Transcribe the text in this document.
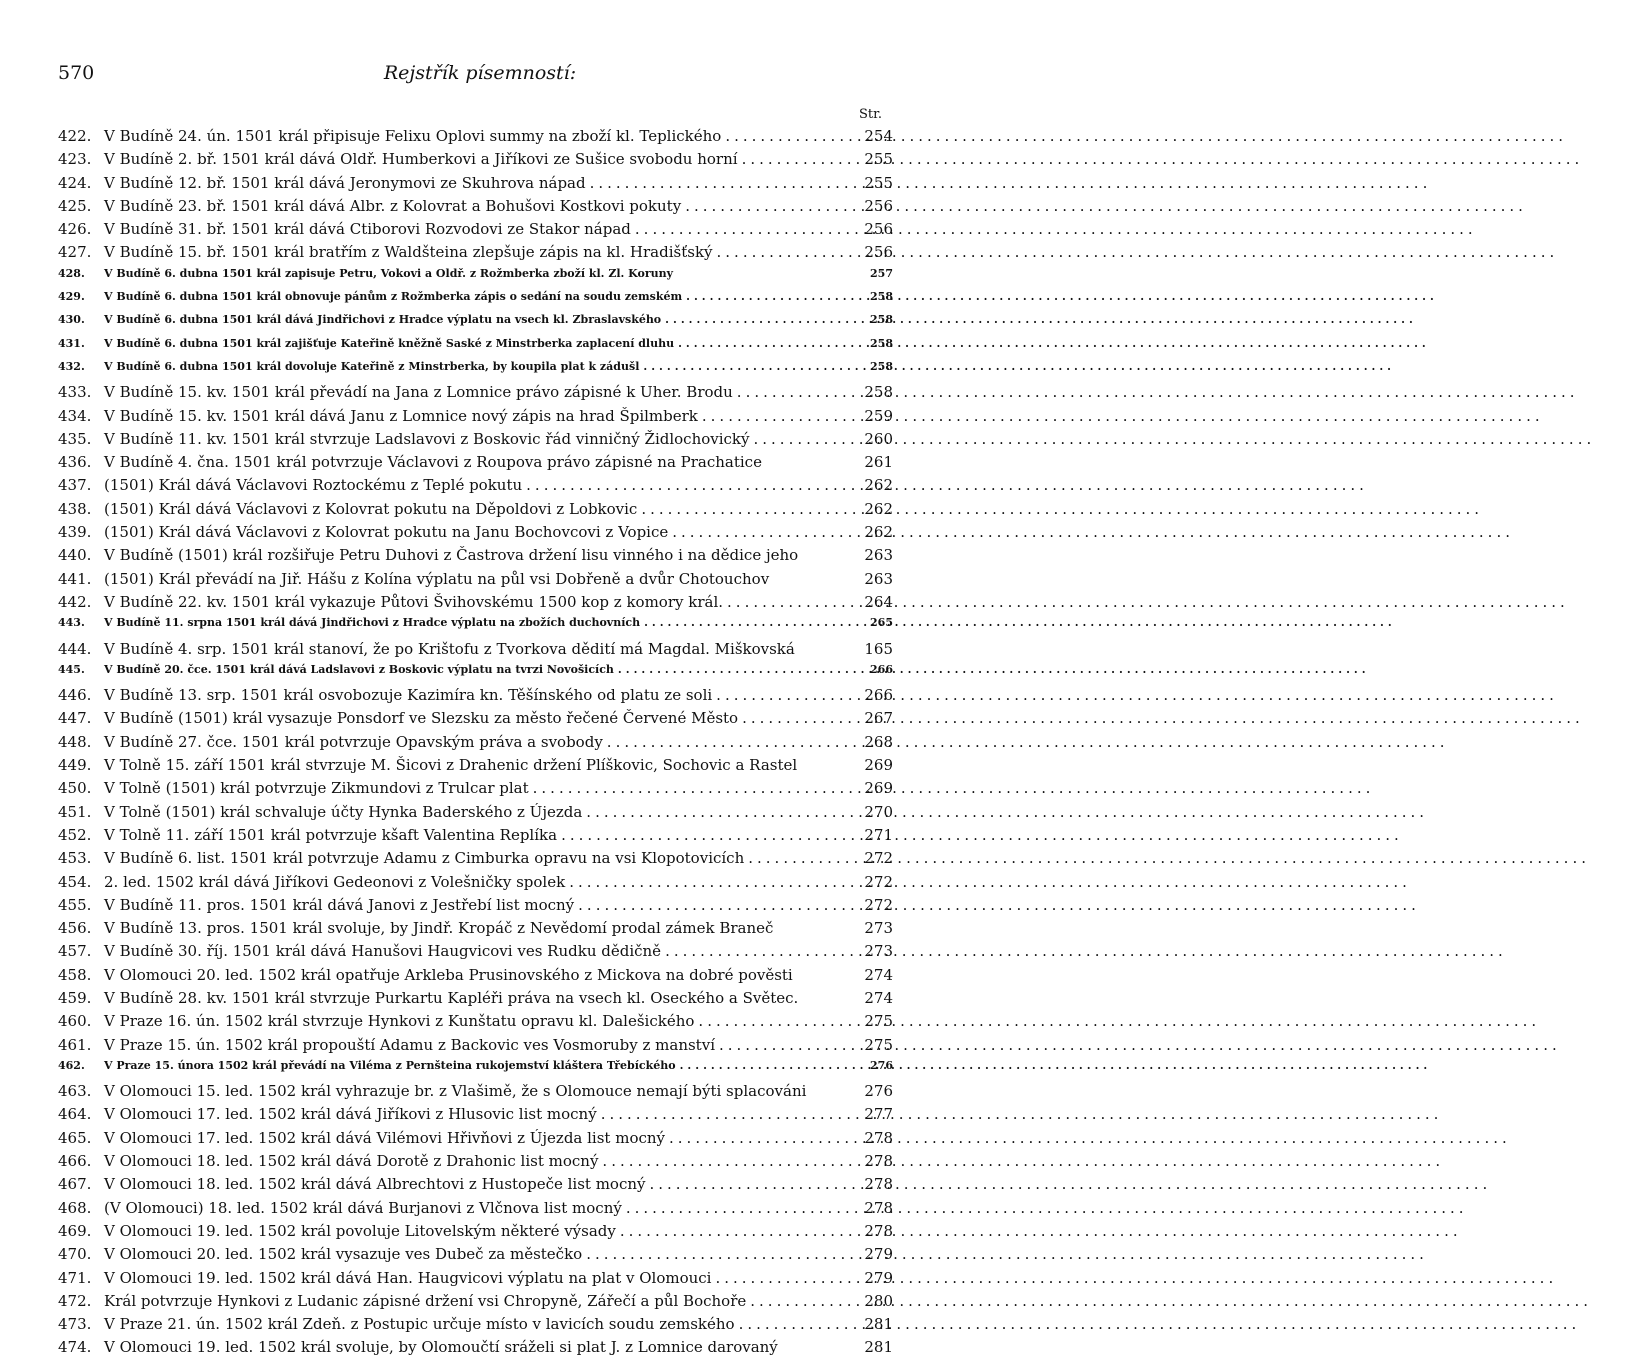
570	Rejstřík písemností:
Str.
422. V Budíně 24. ún. 1501 král připisuje Felixu Oplovi summy na zboží kl. Teplického .....	254
423. V Budíně 2. bř. 1501 král dává Oldř. Humberkovi a Jiříkovi ze Sušice svobodu horní .....	255
424. V Budíně 12. bř. 1501 král dává Jeronymovi ze Skuhrova nápad .....	255
425. V Budíně 23. bř. 1501 král dává Albr. z Kolovrat a Bohušovi Kostkovi pokuty .....	256
426. V Budíně 31. bř. 1501 král dává Ctiborovi Rozvodovi ze Stakor nápad .....	256
427. V Budíně 15. bř. 1501 král bratřím z Waldšteina zlepšuje zápis na kl. Hradišťský .....	256
428.	V Budíně 6. dubna 1501 král zapisuje Petru, Vokovi a Oldř. z Rožmberka zboží kl. Zl. Koruny	257
429.	V Budíně 6. dubna 1501 král obnovuje pánům z Rožmberka zápis o sedání na soudu zemském .....	258
430.	V Budíně 6. dubna 1501 král dává Jindřichovi z Hradce výplatu na vsech kl. Zbraslavského .....	258
431.	V Budíně 6. dubna 1501 král zajišťuje Kateřině kněžně Saské z Minstrberka zaplacení dluhu .....	258
432.	V Budíně 6. dubna 1501 král dovoluje Kateřině z Minstrberka, by koupila plat k zádušl .....	258
433. V Budíně 15. kv. 1501 král převádí na Jana z Lomnice právo zápisné k Uher. Brodu .....	258
434. V Budíně 15. kv. 1501 král dává Janu z Lomnice nový zápis na hrad Špilmberk .....	259
435. V Budíně 11. kv. 1501 král stvrzuje Ladslavovi z Boskovic řád vinničný Židlochovický .....	260
436. V Budíně 4. čna. 1501 král potvrzuje Václavovi z Roupova právo zápisné na Prachatice	261
437. (1501) Král dává Václavovi Roztockému z Teplé pokutu .....	262
438. (1501) Král dává Václavovi z Kolovrat pokutu na Děpoldovi z Lobkovic .....	262
439. (1501) Král dává Václavovi z Kolovrat pokutu na Janu Bochovcovi z Vopice .....	262
440. V Budíně (1501) král rozšiřuje Petru Duhovi z Častrova držení lisu vinného i na dědice jeho	263
441. (1501) Král převádí na Jiř. Hášu z Kolína výplatu na půl vsi Dobřeně a dvůr Chotouchov	263
442. V Budíně 22. kv. 1501 král vykazuje Půtovi Švihovskému 1500 kop z komory král. .....	264
443.	V Budíně 11. srpna 1501 král dává Jindřichovi z Hradce výplatu na zbožích duchovních .....	265
444. V Budíně 4. srp. 1501 král stanoví, že po Krištofu z Tvorkova dědití má Magdal. Miškovská	165
445.	V Budíně 20. čce. 1501 král dává Ladslavovi z Boskovic výplatu na tvrzi Novošicích .....	266
446. V Budíně 13. srp. 1501 král osvobozuje Kazimíra kn. Těšínského od platu ze soli .....	266
447. V Budíně (1501) král vysazuje Ponsdorf ve Slezsku za město řečené Červené Město .....	267
448. V Budíně 27. čce. 1501 král potvrzuje Opavským práva a svobody .....	268
449. V Tolně 15. září 1501 král stvrzuje M. Šicovi z Drahenic držení Plíškovic, Sochovic a Rastel	269
450. V Tolně (1501) král potvrzuje Zikmundovi z Trulcar plat .....	269
451. V Tolně (1501) král schvaluje účty Hynka Baderského z Újezda .....	270
452. V Tolně 11. září 1501 král potvrzuje kšaft Valentina Replíka .....	271
453. V Budíně 6. list. 1501 král potvrzuje Adamu z Cimburka opravu na vsi Klopotovicích .....	272
454. 2. led. 1502 král dává Jiříkovi Gedeonovi z Volešničky spolek .....	272
455. V Budíně 11. pros. 1501 král dává Janovi z Jestřebí list mocný .....	272
456. V Budíně 13. pros. 1501 král svoluje, by Jindř. Kropáč z Nevědomí prodal zámek Braneč	273
457. V Budíně 30. říj. 1501 král dává Hanušovi Haugvicovi ves Rudku dědičně .....	273
458. V Olomouci 20. led. 1502 král opatřuje Arkleba Prusinovského z Mickova na dobré pověsti	274
459. V Budíně 28. kv. 1501 král stvrzuje Purkartu Kapléři práva na vsech kl. Oseckého a Světec.	274
460. V Praze 16. ún. 1502 král stvrzuje Hynkovi z Kunštatu opravu kl. Dalešického .....	275
461. V Praze 15. ún. 1502 král propouští Adamu z Backovic ves Vosmoruby z manství .....	275
462.	V Praze 15. února 1502 král převádí na Viléma z Pernšteina rukojemství kláštera Třebíckého .....	276
463. V Olomouci 15. led. 1502 král vyhrazuje br. z Vlašimě, že s Olomouce nemají býti splacováni	276
464. V Olomouci 17. led. 1502 král dává Jiříkovi z Hlusovic list mocný .....	277
465. V Olomouci 17. led. 1502 král dává Vilémovi Hřivňovi z Újezda list mocný .....	278
466. V Olomouci 18. led. 1502 král dává Dorotě z Drahonic list mocný .....	278
467. V Olomouci 18. led. 1502 král dává Albrechtovi z Hustopeče list mocný .....	278
468. (V Olomouci) 18. led. 1502 král dává Burjanovi z Vlčnova list mocný .....	278
469. V Olomouci 19. led. 1502 král povoluje Litovelským některé výsady .....	278
470. V Olomouci 20. led. 1502 král vysazuje ves Dubeč za městečko .....	279
471. V Olomouci 19. led. 1502 král dává Han. Haugvicovi výplatu na plat v Olomouci .....	279
472. Král potvrzuje Hynkovi z Ludanic zápisné držení vsi Chropyně, Zářečí a půl Bochoře .....	280
473. V Praze 21. ún. 1502 král Zdeň. z Postupic určuje místo v lavicích soudu zemského .....	281
474. V Olomouci 19. led. 1502 král svoluje, by Olomoučtí sráželi si plat J. z Lomnice darovaný	281
